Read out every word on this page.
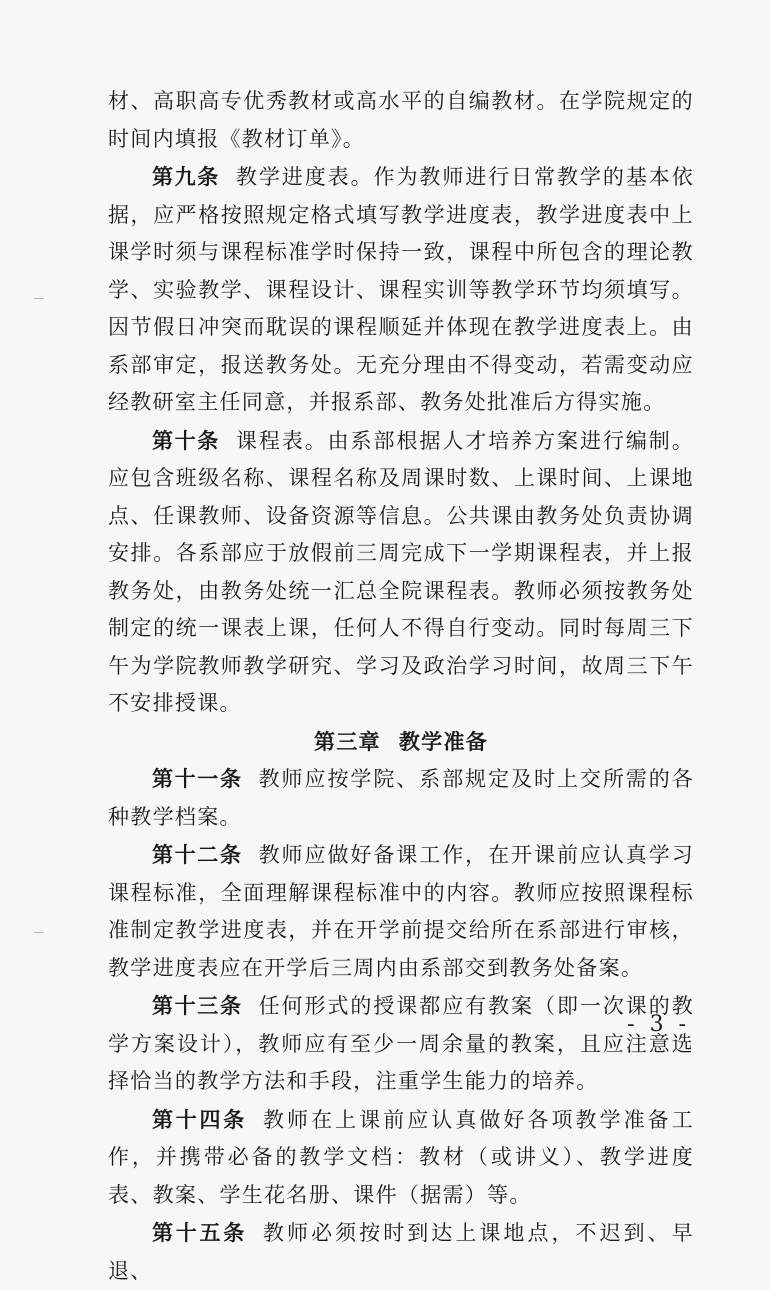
材、高职高专优秀教材或高水平的自编教材。在学院规定的时间内填报《教材订单》。

第九条 教学进度表。作为教师进行日常教学的基本依据，应严格按照规定格式填写教学进度表，教学进度表中上课学时须与课程标准学时保持一致，课程中所包含的理论教学、实验教学、课程设计、课程实训等教学环节均须填写。因节假日冲突而耽误的课程顺延并体现在教学进度表上。由系部审定，报送教务处。无充分理由不得变动，若需变动应经教研室主任同意，并报系部、教务处批准后方得实施。

第十条 课程表。由系部根据人才培养方案进行编制。应包含班级名称、课程名称及周课时数、上课时间、上课地点、任课教师、设备资源等信息。公共课由教务处负责协调安排。各系部应于放假前三周完成下一学期课程表，并上报教务处，由教务处统一汇总全院课程表。教师必须按教务处制定的统一课表上课，任何人不得自行变动。同时每周三下午为学院教师教学研究、学习及政治学习时间，故周三下午不安排授课。

第三章 教学准备

第十一条 教师应按学院、系部规定及时上交所需的各种教学档案。

第十二条 教师应做好备课工作，在开课前应认真学习课程标准，全面理解课程标准中的内容。教师应按照课程标准制定教学进度表，并在开学前提交给所在系部进行审核，教学进度表应在开学后三周内由系部交到教务处备案。

第十三条 任何形式的授课都应有教案（即一次课的教学方案设计），教师应有至少一周余量的教案，且应注意选择恰当的教学方法和手段，注重学生能力的培养。

第十四条 教师在上课前应认真做好各项教学准备工作，并携带必备的教学文档：教材（或讲义）、教学进度表、教案、学生花名册、课件（据需）等。

第十五条 教师必须按时到达上课地点，不迟到、早退、

- 3 -
